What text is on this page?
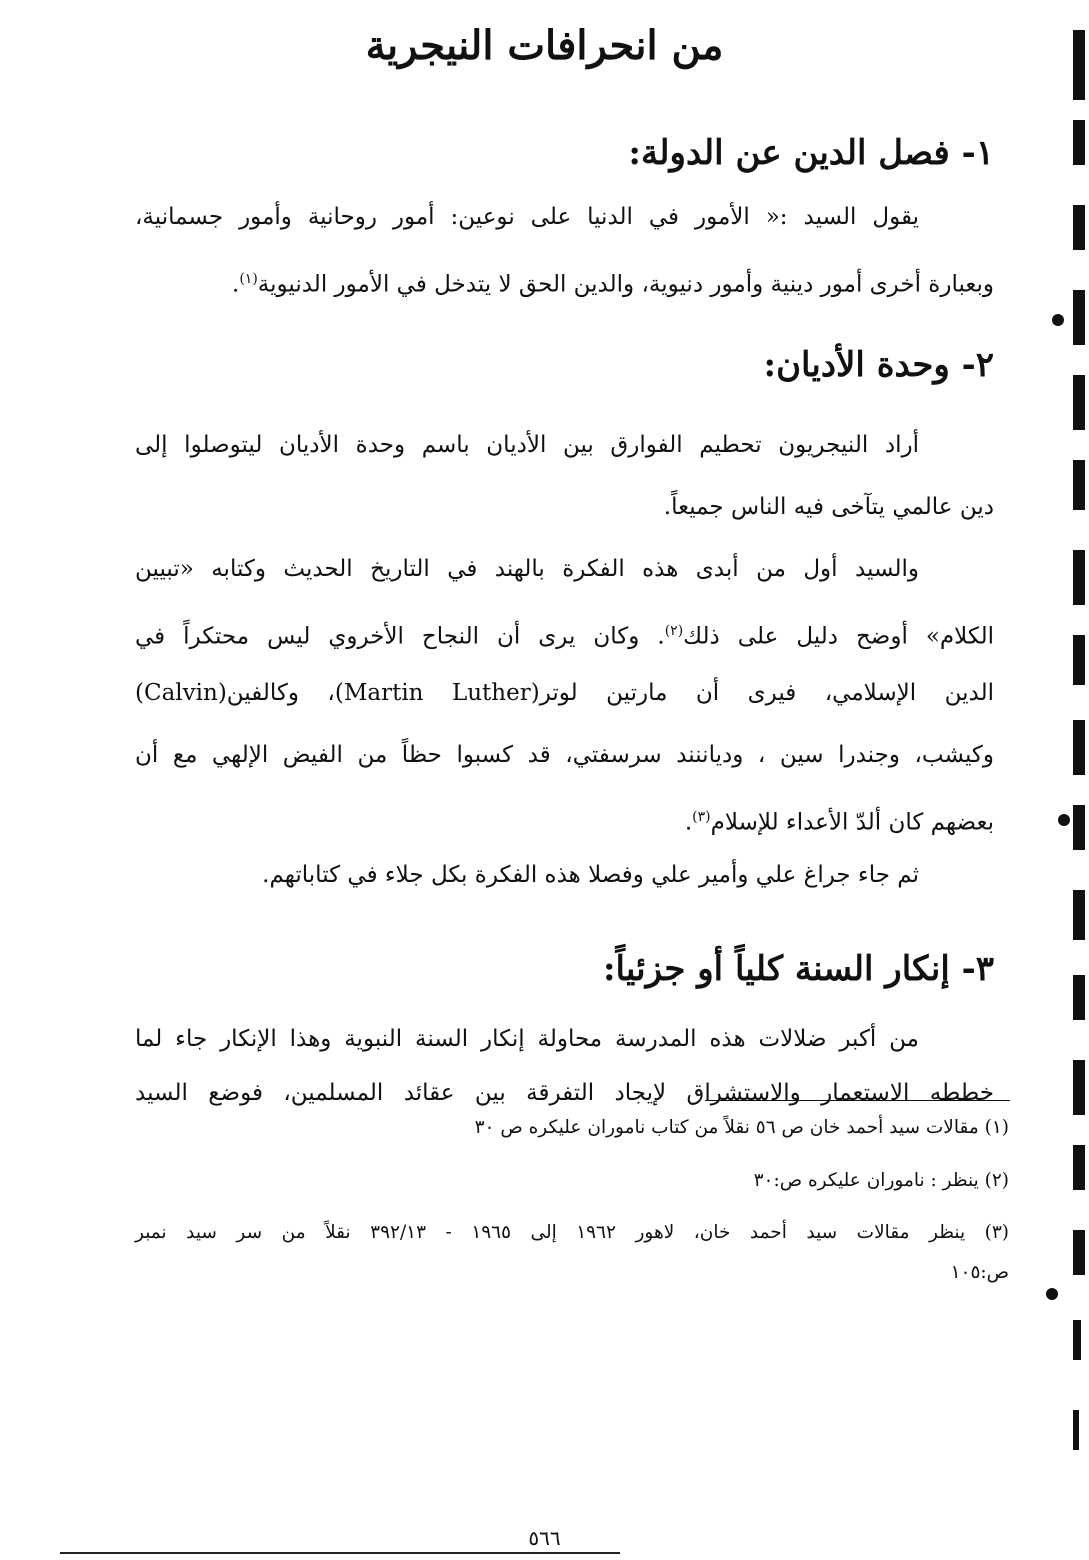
من انحرافات النيجرية
١- فصل الدين عن الدولة:
يقول السيد :« الأمور في الدنيا على نوعين: أمور روحانية وأمور جسمانية،
وبعبارة أخرى أمور دينية وأمور دنيوية، والدين الحق لا يتدخل في الأمور الدنيوية$^{(١)}$.
٢- وحدة الأديان:
أراد النيجريون تحطيم الفوارق بين الأديان باسم وحدة الأديان ليتوصلوا إلى
دين عالمي يتآخى فيه الناس جميعاً.
والسيد أول من أبدى هذه الفكرة بالهند في التاريخ الحديث وكتابه «تبيين
الكلام» أوضح دليل على ذلك$^{(٢)}$. وكان يرى أن النجاح الأخروي ليس محتكراً في
الدين الإسلامي، فيرى أن مارتين لوتر(Martin Luther)، وكالفين(Calvin)
وكيشب، وجندرا سين ، ودياننند سرسفتي، قد كسبوا حظاً من الفيض الإلهي مع أن
بعضهم كان ألدّ الأعداء للإسلام$^{(٣)}$.
ثم جاء جراغ علي وأمير علي وفصلا هذه الفكرة بكل جلاء في كتاباتهم.
٣- إنكار السنة كلياً أو جزئياً:
من أكبر ضلالات هذه المدرسة محاولة إنكار السنة النبوية وهذا الإنكار جاء لما
خططه الاستعمار والاستشراق لإيجاد التفرقة بين عقائد المسلمين، فوضع السيد
(١) مقالات سيد أحمد خان ص ٥٦ نقلاً من كتاب ناموران عليكره ص ٣٠
(٢) ينظر : ناموران عليكره ص:٣٠
(٣) ينظر مقالات سيد أحمد خان، لاهور ١٩٦٢ إلى ١٩٦٥ - ٣٩٢/١٣ نقلاً من سر سيد نمبر
ص:١٠٥
٥٦٦
